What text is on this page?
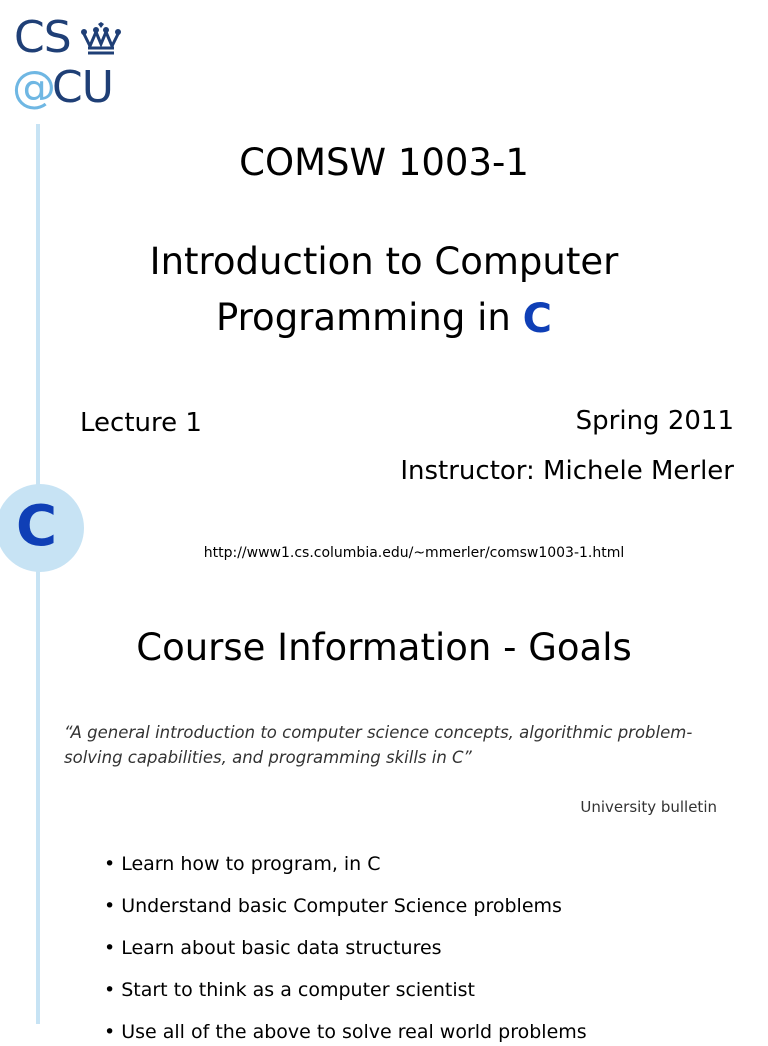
CS
@
CU
COMSW 1003-1
Introduction to Computer
Programming in C
Lecture 1	Spring 2011
Instructor: Michele Merler
C	http://www1.cs.columbia.edu/~mmerler/comsw1003-1.html
Course Information - Goals
“A general introduction to computer science concepts, algorithmic problem-solving capabilities, and programming skills in C”
University bulletin
• Learn how to program, in C
• Understand basic Computer Science problems
• Learn about basic data structures
• Start to think as a computer scientist
• Use all of the above to solve real world problems
